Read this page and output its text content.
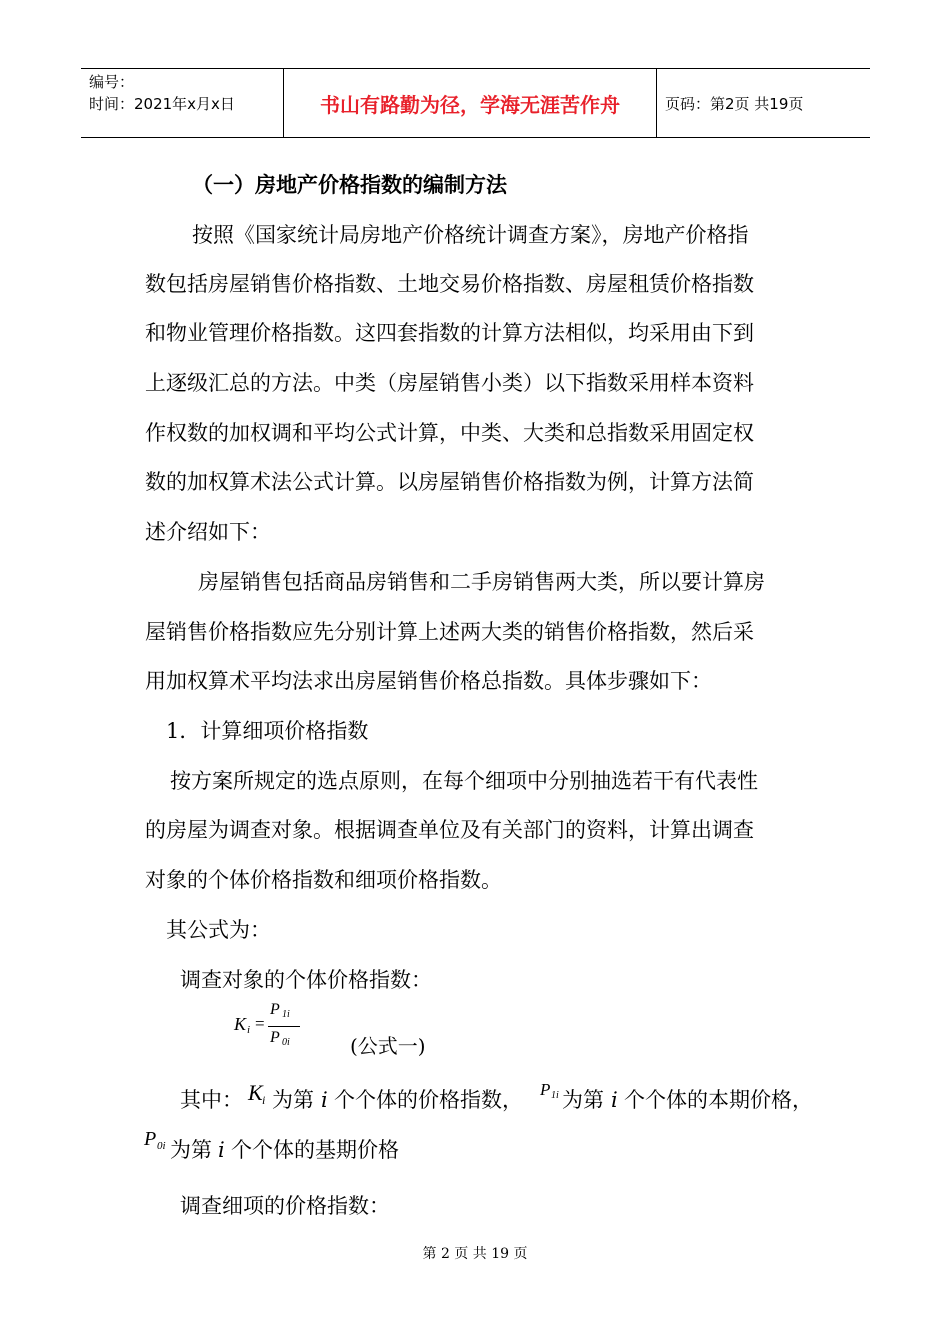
编号：
时间：2021年x月x日	书山有路勤为径，学海无涯苦作舟	页码：第2页 共19页
（一）房地产价格指数的编制方法
按照《国家统计局房地产价格统计调查方案》，房地产价格指
数包括房屋销售价格指数、土地交易价格指数、房屋租赁价格指数
和物业管理价格指数。这四套指数的计算方法相似，均采用由下到
上逐级汇总的方法。中类（房屋销售小类）以下指数采用样本资料
作权数的加权调和平均公式计算，中类、大类和总指数采用固定权
数的加权算术法公式计算。以房屋销售价格指数为例，计算方法简
述介绍如下：
房屋销售包括商品房销售和二手房销售两大类，所以要计算房
屋销售价格指数应先分别计算上述两大类的销售价格指数，然后采
用加权算术平均法求出房屋销售价格总指数。具体步骤如下：
1．计算细项价格指数
按方案所规定的选点原则，在每个细项中分别抽选若干有代表性
的房屋为调查对象。根据调查单位及有关部门的资料，计算出调查
对象的个体价格指数和细项价格指数。
其公式为：
调查对象的个体价格指数：
K i =
P 1i
P 0i	(公式一)
其中： K i 为第 i 个个体的价格指数， P 1i 为第 i 个个体的本期价格，
P 0i 为第 i 个个体的基期价格
调查细项的价格指数：
第 2 页 共 19 页
